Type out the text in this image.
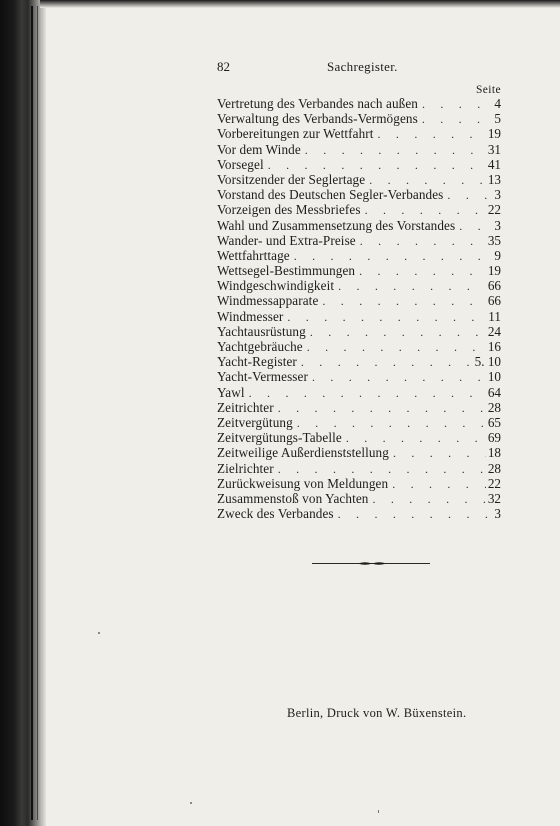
82	Sachregister.
Seite
Vertretung des Verbandes nach außen . . .	4
Verwaltung des Verbands-Vermögens . . .	5
Vorbereitungen zur Wettfahrt . . .	19
Vor dem Winde . . .	31
Vorsegel . . .	41
Vorsitzender der Seglertage . . .	13
Vorstand des Deutschen Segler-Verbandes . . .	3
Vorzeigen des Messbriefes . . .	22
Wahl und Zusammensetzung des Vorstandes . . .	3
Wander- und Extra-Preise . . .	35
Wettfahrttage . . .	9
Wettsegel-Bestimmungen . . .	19
Windgeschwindigkeit . . .	66
Windmessapparate . . .	66
Windmesser . . .	11
Yachtausrüstung . . .	24
Yachtgebräuche . . .	16
Yacht-Register . . .	5. 10
Yacht-Vermesser . . .	10
Yawl . . .	64
Zeitrichter . . .	28
Zeitvergütung . . .	65
Zeitvergütungs-Tabelle . . .	69
Zeitweilige Außerdienststellung . . .	18
Zielrichter . . .	28
Zurückweisung von Meldungen . . .	22
Zusammenstoß von Yachten . . .	32
Zweck des Verbandes . . .	3
Berlin, Druck von W. Büxenstein.
